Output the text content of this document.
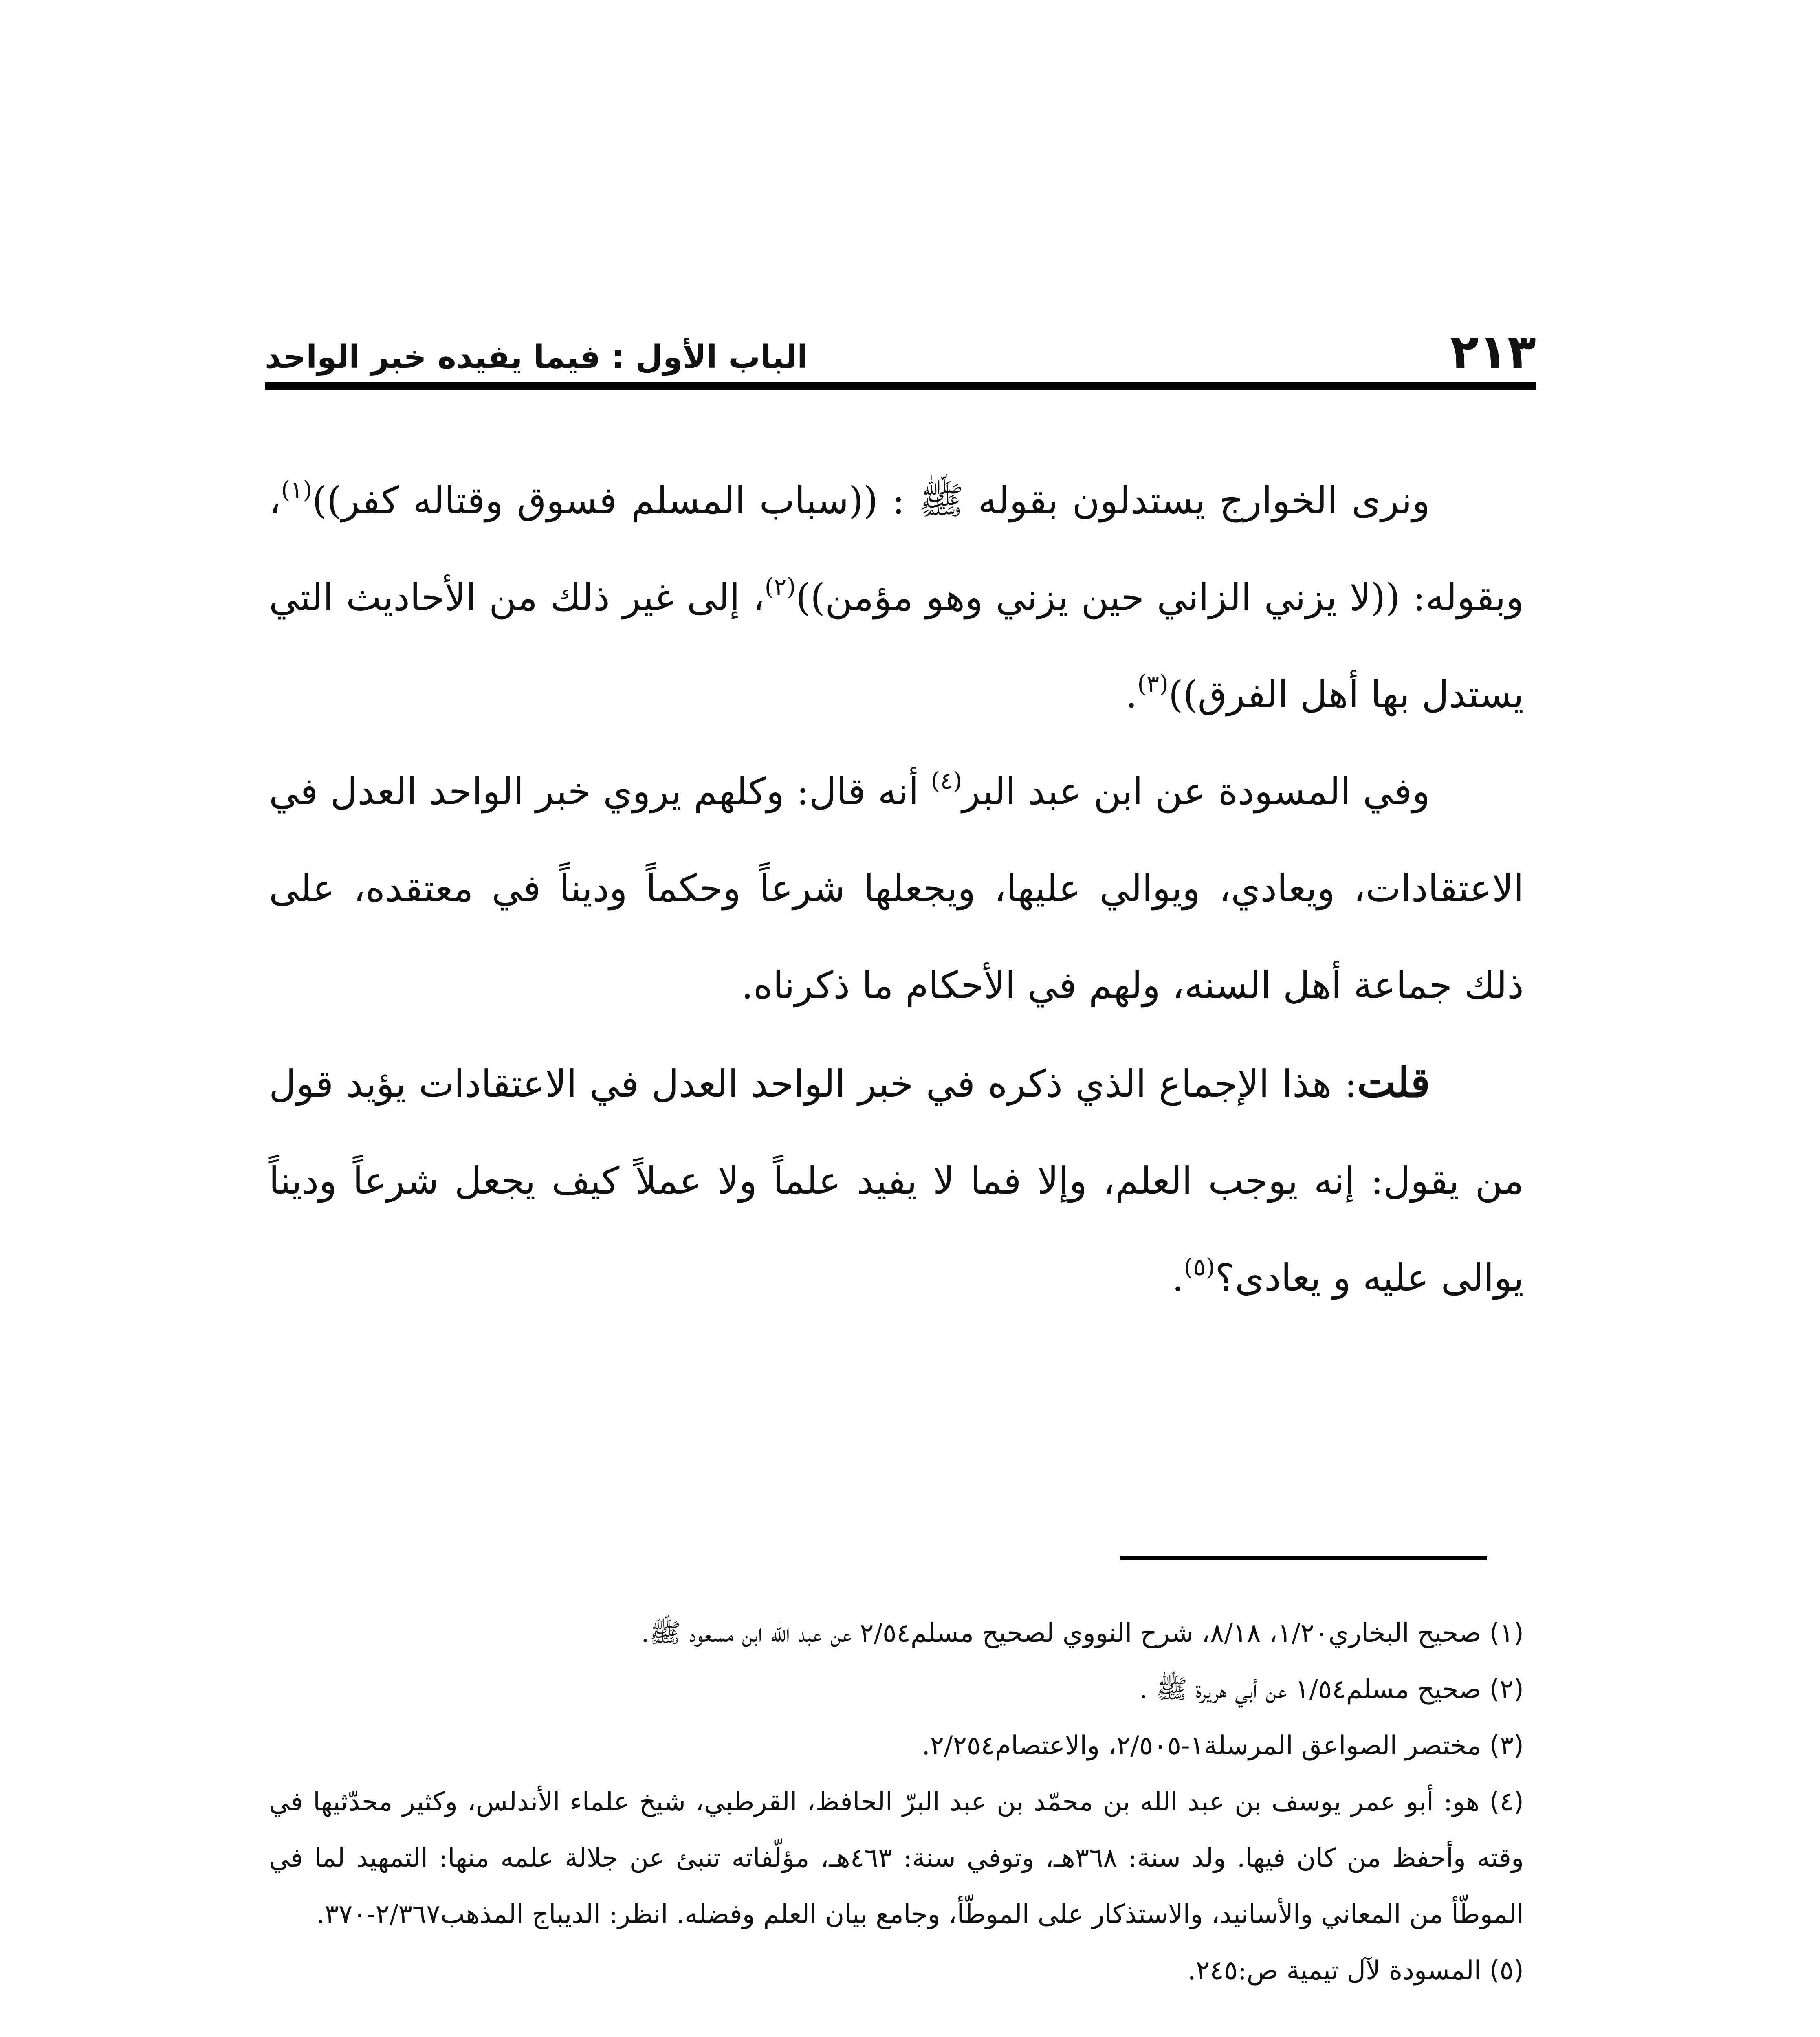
٢١٣
الباب الأول : فيما يفيده خبر الواحد

ونرى الخوارج يستدلون بقوله ﷺ : ((سباب المسلم فسوق وقتاله كفر))$^{(١)}$، وبقوله: ((لا يزني الزاني حين يزني وهو مؤمن))$^{(٢)}$، إلى غير ذلك من الأحاديث التي يستدل بها أهل الفرق))$^{(٣)}$.

وفي المسودة عن ابن عبد البر$^{(٤)}$ أنه قال: وكلهم يروي خبر الواحد العدل في الاعتقادات، ويعادي، ويوالي عليها، ويجعلها شرعاً وحكماً وديناً في معتقده، على ذلك جماعة أهل السنه، ولهم في الأحكام ما ذكرناه.

قلت: هذا الإجماع الذي ذكره في خبر الواحد العدل في الاعتقادات يؤيد قول من يقول: إنه يوجب العلم، وإلا فما لا يفيد علماً ولا عملاً كيف يجعل شرعاً وديناً يوالى عليه و يعادى؟$^{(٥)}$.

(١) صحيح البخاري١/٢٠، ٨/١٨، شرح النووي لصحيح مسلم٢/٥٤ عن عبد الله ابن مسعود ﷺ.

(٢) صحيح مسلم١/٥٤ عن أبي هريرة ﷺ .

(٣) مختصر الصواعق المرسلة١-٢/٥٠٥، والاعتصام٢/٢٥٤.

(٤) هو: أبو عمر يوسف بن عبد الله بن محمّد بن عبد البرّ الحافظ، القرطبي، شيخ علماء الأندلس، وكثير محدّثيها في وقته وأحفظ من كان فيها. ولد سنة: ٣٦٨هـ، وتوفي سنة: ٤٦٣هـ، مؤلّفاته تنبئ عن جلالة علمه منها: التمهيد لما في الموطّأ من المعاني والأسانيد، والاستذكار على الموطّأ، وجامع بيان العلم وفضله. انظر: الديباج المذهب٢/٣٦٧-٣٧٠.

(٥) المسودة لآل تيمية ص:٢٤٥.
